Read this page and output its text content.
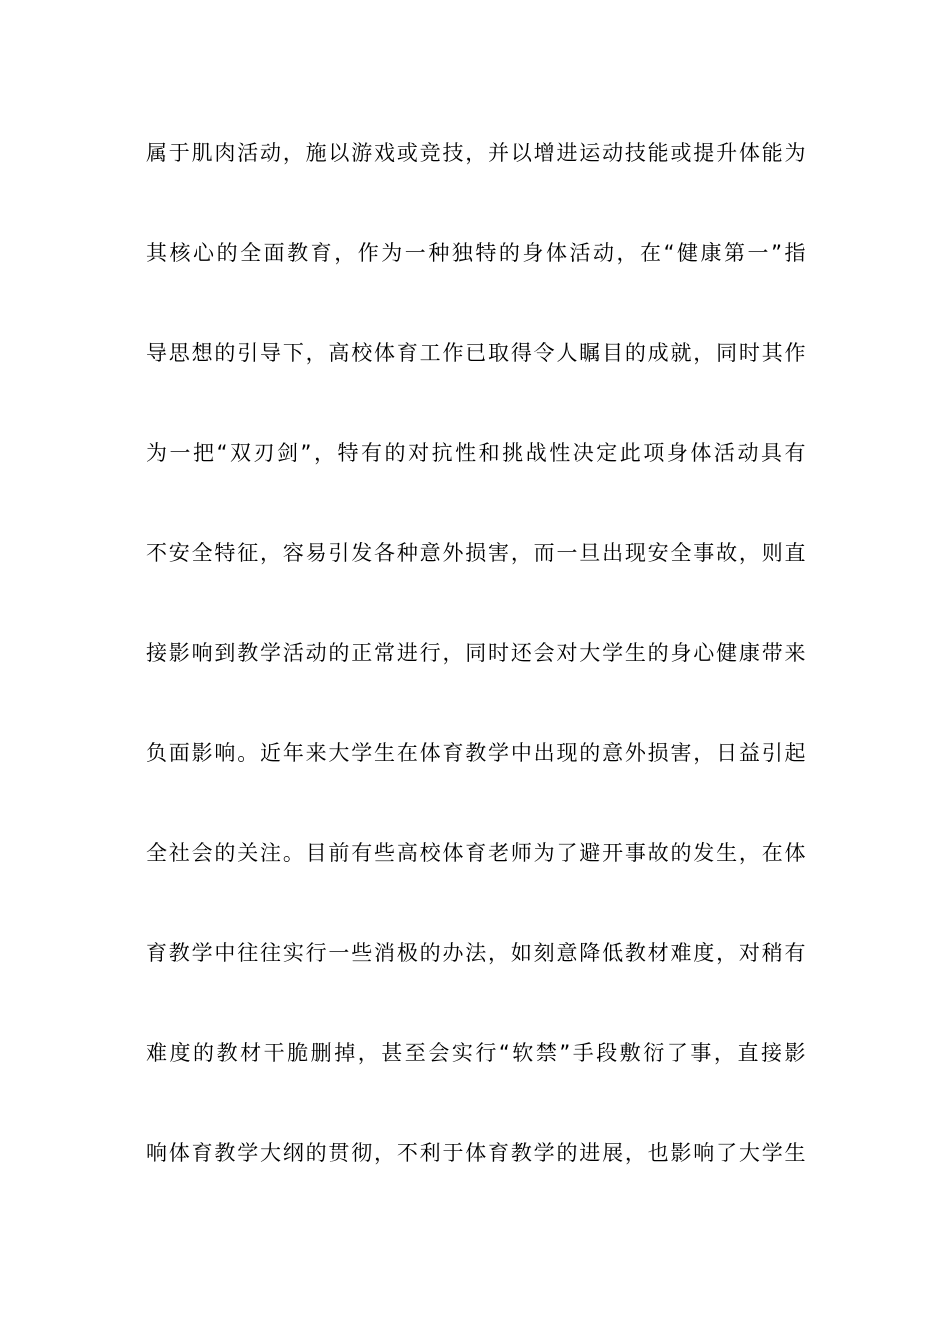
属于肌肉活动，施以游戏或竞技，并以增进运动技能或提升体能为
其核心的全面教育，作为一种独特的身体活动，在“健康第一”指
导思想的引导下，高校体育工作已取得令人瞩目的成就，同时其作
为一把“双刃剑”，特有的对抗性和挑战性决定此项身体活动具有
不安全特征，容易引发各种意外损害，而一旦出现安全事故，则直
接影响到教学活动的正常进行，同时还会对大学生的身心健康带来
负面影响。近年来大学生在体育教学中出现的意外损害，日益引起
全社会的关注。目前有些高校体育老师为了避开事故的发生，在体
育教学中往往实行一些消极的办法，如刻意降低教材难度，对稍有
难度的教材干脆删掉，甚至会实行“软禁”手段敷衍了事，直接影
响体育教学大纲的贯彻，不利于体育教学的进展，也影响了大学生
